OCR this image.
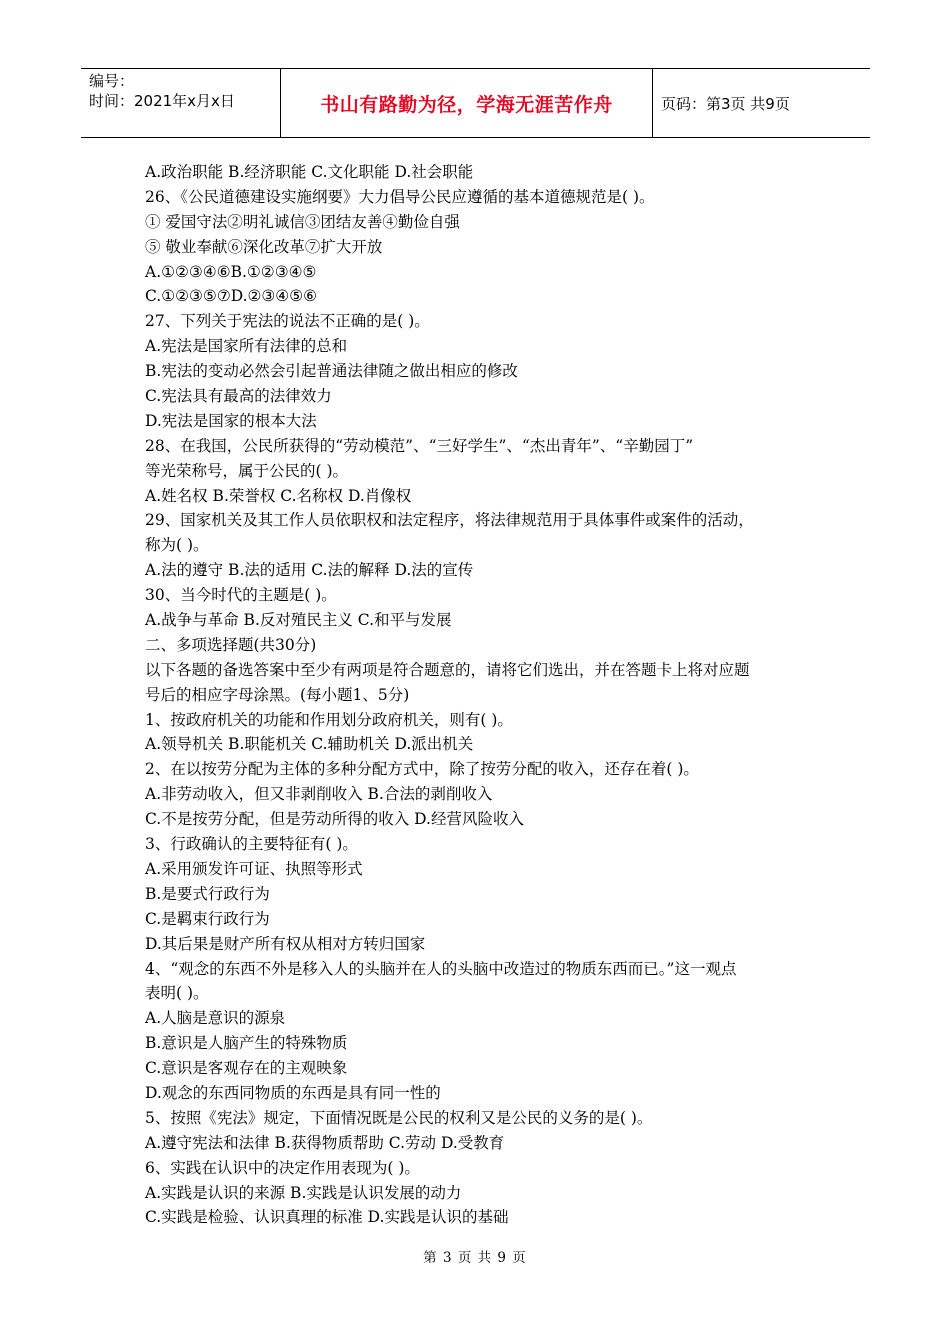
编号：
时间：2021年x月x日	书山有路勤为径，学海无涯苦作舟	页码：第3页 共9页
A.政治职能 B.经济职能 C.文化职能 D.社会职能
26、《公民道德建设实施纲要》大力倡导公民应遵循的基本道德规范是( )。
① 爱国守法②明礼诚信③团结友善④勤俭自强
⑤ 敬业奉献⑥深化改革⑦扩大开放
A.①②③④⑥B.①②③④⑤
C.①②③⑤⑦D.②③④⑤⑥
27、下列关于宪法的说法不正确的是( )。
A.宪法是国家所有法律的总和
B.宪法的变动必然会引起普通法律随之做出相应的修改
C.宪法具有最高的法律效力
D.宪法是国家的根本大法
28、在我国，公民所获得的“劳动模范”、“三好学生”、“杰出青年”、“辛勤园丁”
等光荣称号，属于公民的( )。
A.姓名权 B.荣誉权 C.名称权 D.肖像权
29、国家机关及其工作人员依职权和法定程序，将法律规范用于具体事件或案件的活动，
称为( )。
A.法的遵守 B.法的适用 C.法的解释 D.法的宣传
30、当今时代的主题是( )。
A.战争与革命 B.反对殖民主义 C.和平与发展
二、多项选择题(共30分)
以下各题的备选答案中至少有两项是符合题意的，请将它们选出，并在答题卡上将对应题
号后的相应字母涂黑。(每小题1、5分)
1、按政府机关的功能和作用划分政府机关，则有( )。
A.领导机关 B.职能机关 C.辅助机关 D.派出机关
2、在以按劳分配为主体的多种分配方式中，除了按劳分配的收入，还存在着( )。
A.非劳动收入，但又非剥削收入 B.合法的剥削收入
C.不是按劳分配，但是劳动所得的收入 D.经营风险收入
3、行政确认的主要特征有( )。
A.采用颁发许可证、执照等形式
B.是要式行政行为
C.是羁束行政行为
D.其后果是财产所有权从相对方转归国家
4、“观念的东西不外是移入人的头脑并在人的头脑中改造过的物质东西而已。”这一观点
表明( )。
A.人脑是意识的源泉
B.意识是人脑产生的特殊物质
C.意识是客观存在的主观映象
D.观念的东西同物质的东西是具有同一性的
5、按照《宪法》规定，下面情况既是公民的权利又是公民的义务的是( )。
A.遵守宪法和法律 B.获得物质帮助 C.劳动 D.受教育
6、实践在认识中的决定作用表现为( )。
A.实践是认识的来源 B.实践是认识发展的动力
C.实践是检验、认识真理的标准 D.实践是认识的基础
第 3 页 共 9 页
